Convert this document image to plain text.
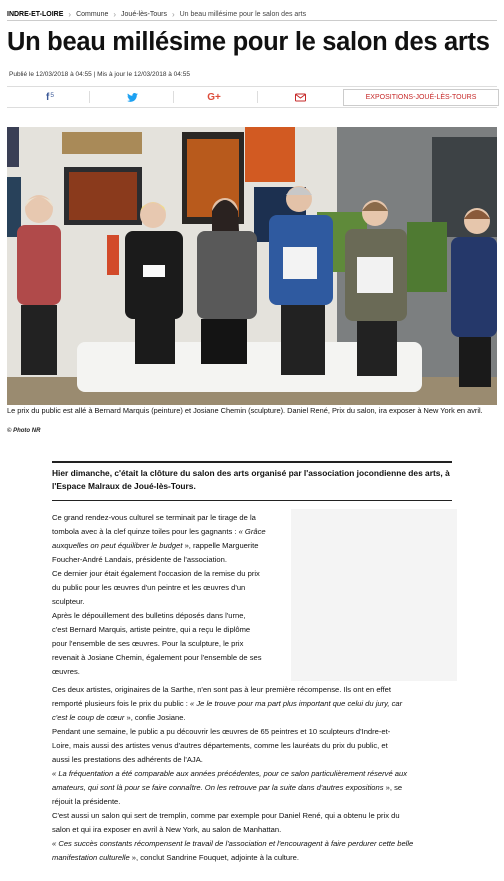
INDRE-ET-LOIRE › Commune › Joué-lès-Tours › Un beau millésime pour le salon des arts
Un beau millésime pour le salon des arts
Publié le 12/03/2018 à 04:55 | Mis à jour le 12/03/2018 à 04:55
f 5	G+	EXPOSITIONS - JOUÉ-LÈS-TOURS

Le prix du public est allé à Bernard Marquis (peinture) et Josiane Chemin (sculpture). Daniel René, Prix du salon, ira exposer à New York en avril.

© Photo NR

Hier dimanche, c'était la clôture du salon des arts organisé par l'association jocondienne des arts, à l'Espace Malraux de Joué-lès-Tours.

Ce grand rendez-vous culturel se terminait par le tirage de la
tombola avec à la clef quinze toiles pour les gagnants : « Grâce
auxquelles on peut équilibrer le budget », rappelle Marguerite
Foucher-André Landais, présidente de l'association.
Ce dernier jour était également l'occasion de la remise du prix
du public pour les œuvres d'un peintre et les œuvres d'un
sculpteur.
Après le dépouillement des bulletins déposés dans l'urne,
c'est Bernard Marquis, artiste peintre, qui a reçu le diplôme
pour l'ensemble de ses œuvres. Pour la sculpture, le prix
revenait à Josiane Chemin, également pour l'ensemble de ses
œuvres.
Ces deux artistes, originaires de la Sarthe, n'en sont pas à leur première récompense. Ils ont en effet
remporté plusieurs fois le prix du public : « Je le trouve pour ma part plus important que celui du jury, car
c'est le coup de cœur », confie Josiane.
Pendant une semaine, le public a pu découvrir les œuvres de 65 peintres et 10 sculpteurs d'Indre-et-
Loire, mais aussi des artistes venus d'autres départements, comme les lauréats du prix du public, et
aussi les prestations des adhérents de l'AJA.
« La fréquentation a été comparable aux années précédentes, pour ce salon particulièrement réservé aux
amateurs, qui sont là pour se faire connaître. On les retrouve par la suite dans d'autres expositions », se
réjouit la présidente.
C'est aussi un salon qui sert de tremplin, comme par exemple pour Daniel René, qui a obtenu le prix du
salon et qui ira exposer en avril à New York, au salon de Manhattan.
« Ces succès constants récompensent le travail de l'association et l'encouragent à faire perdurer cette belle
manifestation culturelle », conclut Sandrine Fouquet, adjointe à la culture.
